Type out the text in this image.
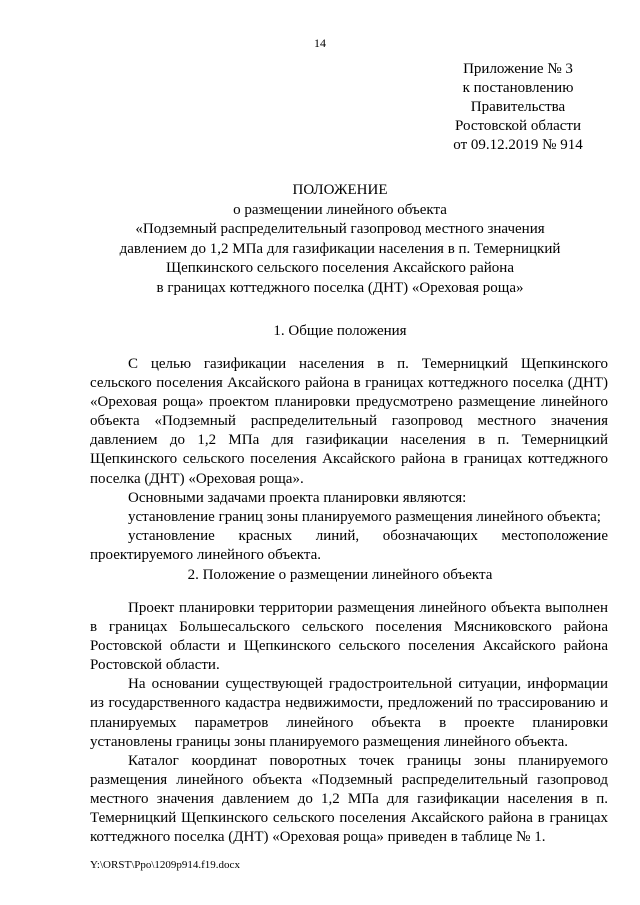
14
Приложение № 3
к постановлению
Правительства
Ростовской области
от 09.12.2019 № 914
ПОЛОЖЕНИЕ
о размещении линейного объекта
«Подземный распределительный газопровод местного значения
давлением до 1,2 МПа для газификации населения в п. Темерницкий
Щепкинского сельского поселения Аксайского района
в границах коттеджного поселка (ДНТ) «Ореховая роща»
1. Общие положения

С целью газификации населения в п. Темерницкий Щепкинского сельского поселения Аксайского района в границах коттеджного поселка (ДНТ) «Ореховая роща» проектом планировки предусмотрено размещение линейного объекта «Подземный распределительный газопровод местного значения давлением до 1,2 МПа для газификации населения в п. Темерницкий Щепкинского сельского поселения Аксайского района в границах коттеджного поселка (ДНТ) «Ореховая роща».

Основными задачами проекта планировки являются:

установление границ зоны планируемого размещения линейного объекта;

установление красных линий, обозначающих местоположение проектируемого линейного объекта.

2. Положение о размещении линейного объекта

Проект планировки территории размещения линейного объекта выполнен в границах Большесальского сельского поселения Мясниковского района Ростовской области и Щепкинского сельского поселения Аксайского района Ростовской области.

На основании существующей градостроительной ситуации, информации из государственного кадастра недвижимости, предложений по трассированию и планируемых параметров линейного объекта в проекте планировки установлены границы зоны планируемого размещения линейного объекта.

Каталог координат поворотных точек границы зоны планируемого размещения линейного объекта «Подземный распределительный газопровод местного значения давлением до 1,2 МПа для газификации населения в п. Темерницкий Щепкинского сельского поселения Аксайского района в границах коттеджного поселка (ДНТ) «Ореховая роща» приведен в таблице № 1.

Y:\ORST\Ppo\1209p914.f19.docx
